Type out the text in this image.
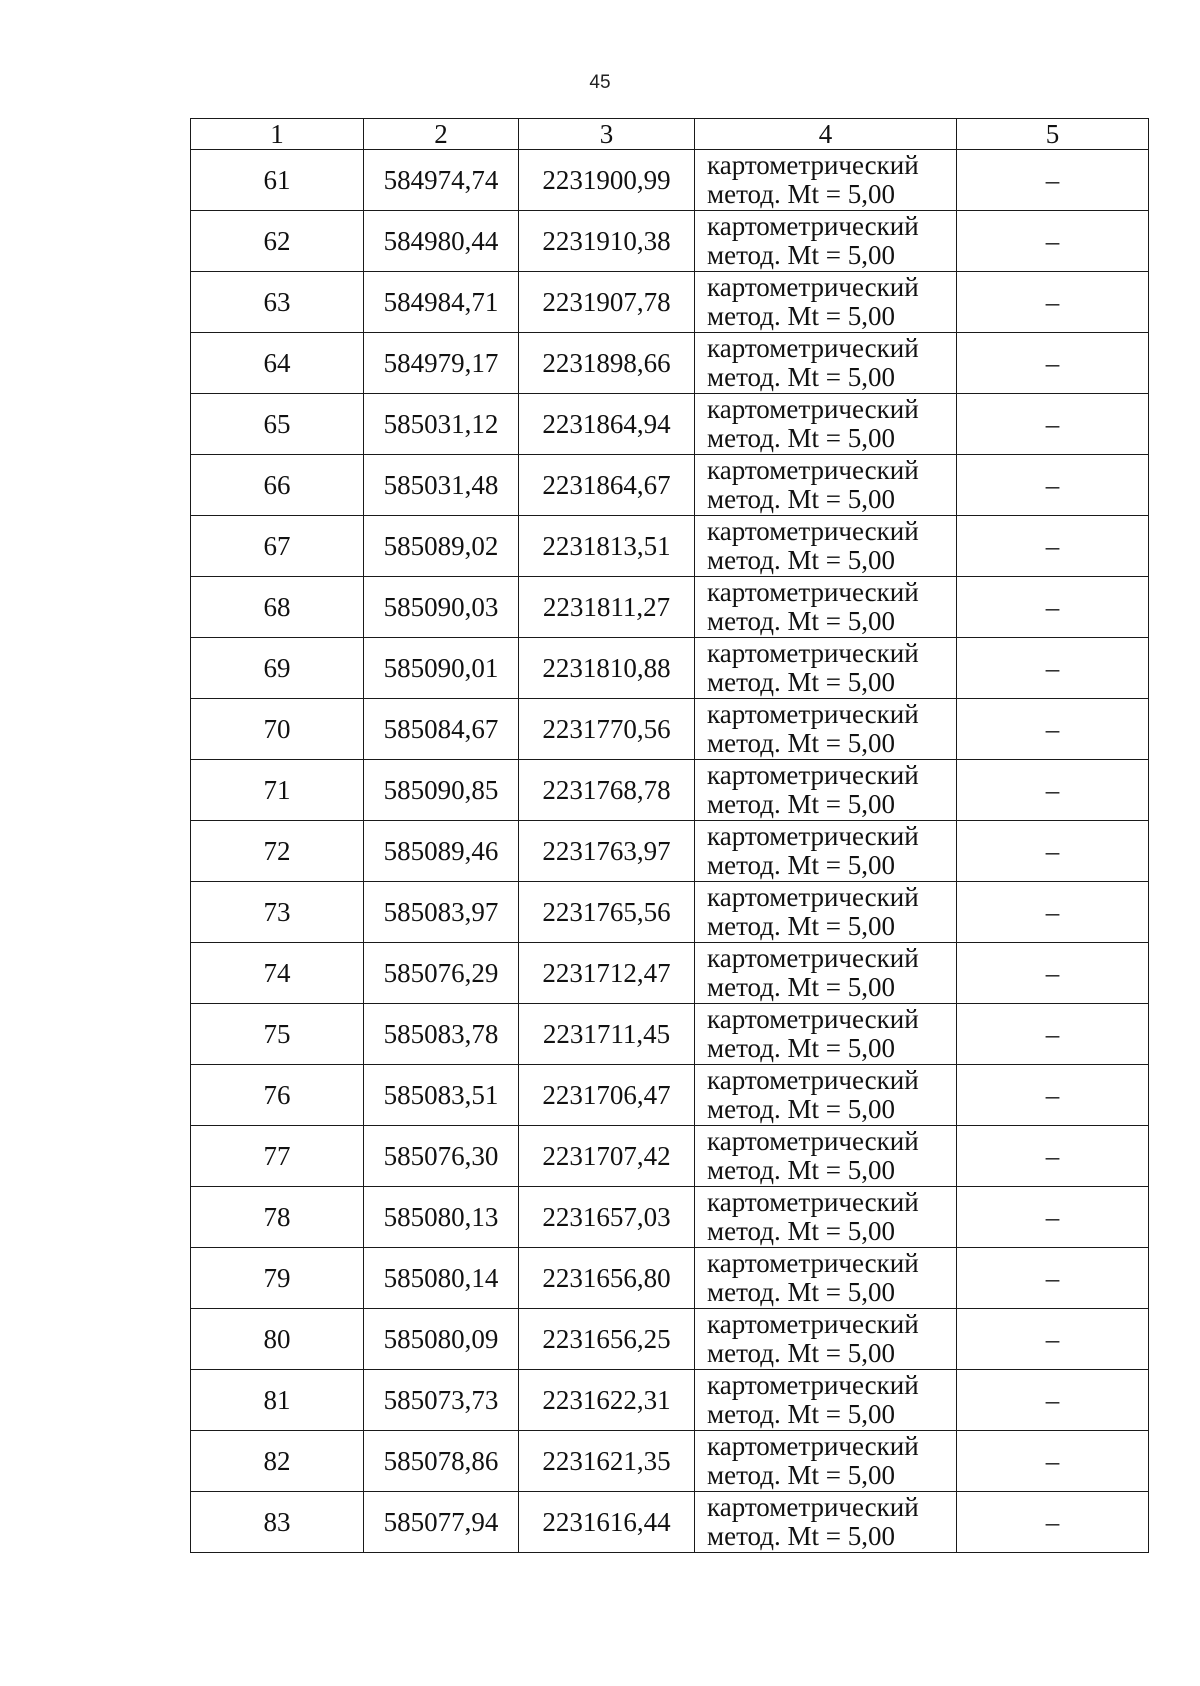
45
1	2	3	4	5
61	584974,74	2231900,99	картометрический
метод. Mt = 5,00	–
62	584980,44	2231910,38	картометрический
метод. Mt = 5,00	–
63	584984,71	2231907,78	картометрический
метод. Mt = 5,00	–
64	584979,17	2231898,66	картометрический
метод. Mt = 5,00	–
65	585031,12	2231864,94	картометрический
метод. Mt = 5,00	–
66	585031,48	2231864,67	картометрический
метод. Mt = 5,00	–
67	585089,02	2231813,51	картометрический
метод. Mt = 5,00	–
68	585090,03	2231811,27	картометрический
метод. Mt = 5,00	–
69	585090,01	2231810,88	картометрический
метод. Mt = 5,00	–
70	585084,67	2231770,56	картометрический
метод. Mt = 5,00	–
71	585090,85	2231768,78	картометрический
метод. Mt = 5,00	–
72	585089,46	2231763,97	картометрический
метод. Mt = 5,00	–
73	585083,97	2231765,56	картометрический
метод. Mt = 5,00	–
74	585076,29	2231712,47	картометрический
метод. Mt = 5,00	–
75	585083,78	2231711,45	картометрический
метод. Mt = 5,00	–
76	585083,51	2231706,47	картометрический
метод. Mt = 5,00	–
77	585076,30	2231707,42	картометрический
метод. Mt = 5,00	–
78	585080,13	2231657,03	картометрический
метод. Mt = 5,00	–
79	585080,14	2231656,80	картометрический
метод. Mt = 5,00	–
80	585080,09	2231656,25	картометрический
метод. Mt = 5,00	–
81	585073,73	2231622,31	картометрический
метод. Mt = 5,00	–
82	585078,86	2231621,35	картометрический
метод. Mt = 5,00	–
83	585077,94	2231616,44	картометрический
метод. Mt = 5,00	–
